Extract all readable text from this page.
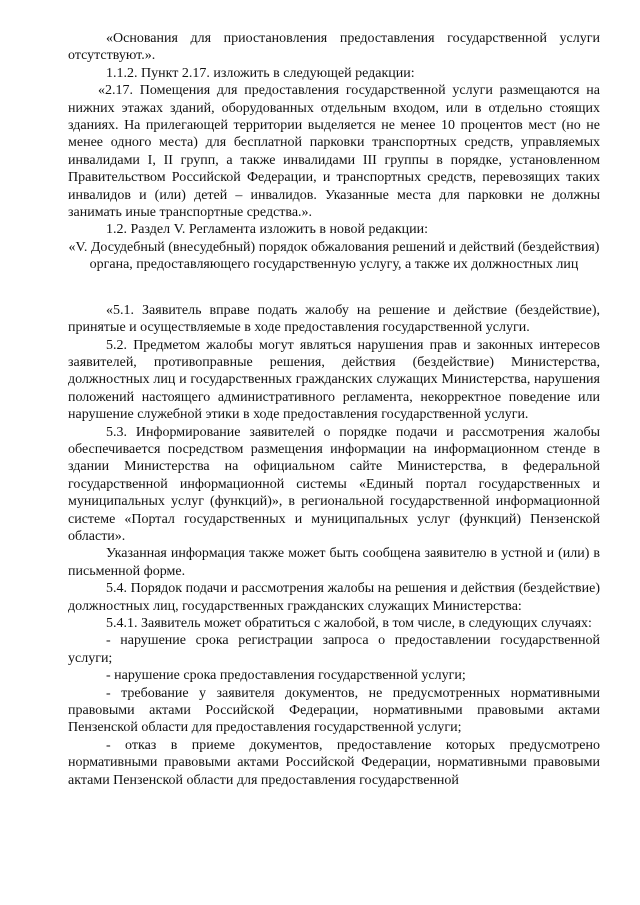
«Основания для приостановления предоставления государственной услуги отсутствуют.».

1.1.2. Пункт 2.17. изложить в следующей редакции:

«2.17. Помещения для предоставления государственной услуги размещаются на нижних этажах зданий, оборудованных отдельным входом, или в отдельно стоящих зданиях. На прилегающей территории выделяется не менее 10 процентов мест (но не менее одного места) для бесплатной парковки транспортных средств, управляемых инвалидами I, II групп, а также инвалидами III группы в порядке, установленном Правительством Российской Федерации, и транспортных средств, перевозящих таких инвалидов и (или) детей – инвалидов. Указанные места для парковки не должны занимать иные транспортные средства.».

1.2. Раздел V. Регламента изложить в новой редакции:

«V. Досудебный (внесудебный) порядок обжалования решений и действий (бездействия) органа, предоставляющего государственную услугу, а также их должностных лиц

«5.1. Заявитель вправе подать жалобу на решение и действие (бездействие), принятые и осуществляемые в ходе предоставления государственной услуги.

5.2. Предметом жалобы могут являться нарушения прав и законных интересов заявителей, противоправные решения, действия (бездействие) Министерства, должностных лиц и государственных гражданских служащих Министерства, нарушения положений настоящего административного регламента, некорректное поведение или нарушение служебной этики в ходе предоставления государственной услуги.

5.3. Информирование заявителей о порядке подачи и рассмотрения жалобы обеспечивается посредством размещения информации на информационном стенде в здании Министерства на официальном сайте Министерства, в федеральной государственной информационной системы «Единый портал государственных и муниципальных услуг (функций)», в региональной государственной информационной системе «Портал государственных и муниципальных услуг (функций) Пензенской области».

Указанная информация также может быть сообщена заявителю в устной и (или) в письменной форме.

5.4. Порядок подачи и рассмотрения жалобы на решения и действия (бездействие) должностных лиц, государственных гражданских служащих Министерства:

5.4.1. Заявитель может обратиться с жалобой, в том числе, в следующих случаях:

- нарушение срока регистрации запроса о предоставлении государственной услуги;

- нарушение срока предоставления государственной услуги;

- требование у заявителя документов, не предусмотренных нормативными правовыми актами Российской Федерации, нормативными правовыми актами Пензенской области для предоставления государственной услуги;

- отказ в приеме документов, предоставление которых предусмотрено нормативными правовыми актами Российской Федерации, нормативными правовыми актами Пензенской области для предоставления государственной
